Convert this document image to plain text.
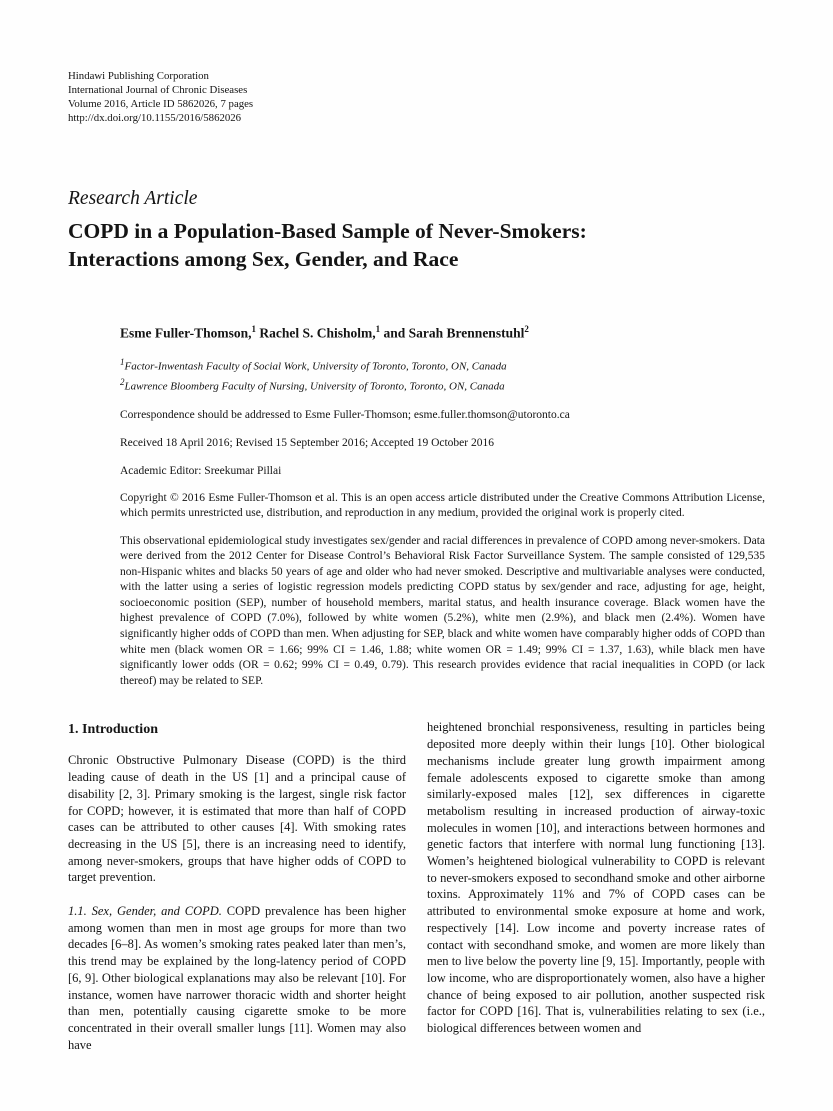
Hindawi Publishing Corporation
International Journal of Chronic Diseases
Volume 2016, Article ID 5862026, 7 pages
http://dx.doi.org/10.1155/2016/5862026
Research Article
COPD in a Population-Based Sample of Never-Smokers:
Interactions among Sex, Gender, and Race
Esme Fuller-Thomson,$^1$ Rachel S. Chisholm,$^1$ and Sarah Brennenstuhl$^2$
$^1$Factor-Inwentash Faculty of Social Work, University of Toronto, Toronto, ON, Canada
$^2$Lawrence Bloomberg Faculty of Nursing, University of Toronto, Toronto, ON, Canada
Correspondence should be addressed to Esme Fuller-Thomson; esme.fuller.thomson@utoronto.ca
Received 18 April 2016; Revised 15 September 2016; Accepted 19 October 2016
Academic Editor: Sreekumar Pillai

Copyright © 2016 Esme Fuller-Thomson et al. This is an open access article distributed under the Creative Commons Attribution License, which permits unrestricted use, distribution, and reproduction in any medium, provided the original work is properly cited.

This observational epidemiological study investigates sex/gender and racial differences in prevalence of COPD among never-smokers. Data were derived from the 2012 Center for Disease Control’s Behavioral Risk Factor Surveillance System. The sample consisted of 129,535 non-Hispanic whites and blacks 50 years of age and older who had never smoked. Descriptive and multivariable analyses were conducted, with the latter using a series of logistic regression models predicting COPD status by sex/gender and race, adjusting for age, height, socioeconomic position (SEP), number of household members, marital status, and health insurance coverage. Black women have the highest prevalence of COPD (7.0%), followed by white women (5.2%), white men (2.9%), and black men (2.4%). Women have significantly higher odds of COPD than men. When adjusting for SEP, black and white women have comparably higher odds of COPD than white men (black women OR = 1.66; 99% CI = 1.46, 1.88; white women OR = 1.49; 99% CI = 1.37, 1.63), while black men have significantly lower odds (OR = 0.62; 99% CI = 0.49, 0.79). This research provides evidence that racial inequalities in COPD (or lack thereof) may be related to SEP.

1. Introduction

Chronic Obstructive Pulmonary Disease (COPD) is the third leading cause of death in the US [1] and a principal cause of disability [2, 3]. Primary smoking is the largest, single risk factor for COPD; however, it is estimated that more than half of COPD cases can be attributed to other causes [4]. With smoking rates decreasing in the US [5], there is an increasing need to identify, among never-smokers, groups that have higher odds of COPD to target prevention.

1.1. Sex, Gender, and COPD. COPD prevalence has been higher among women than men in most age groups for more than two decades [6–8]. As women’s smoking rates peaked later than men’s, this trend may be explained by the long-latency period of COPD [6, 9]. Other biological explanations may also be relevant [10]. For instance, women have narrower thoracic width and shorter height than men, potentially causing cigarette smoke to be more concentrated in their overall smaller lungs [11]. Women may also have

heightened bronchial responsiveness, resulting in particles being deposited more deeply within their lungs [10]. Other biological mechanisms include greater lung growth impairment among female adolescents exposed to cigarette smoke than among similarly-exposed males [12], sex differences in cigarette metabolism resulting in increased production of airway-toxic molecules in women [10], and interactions between hormones and genetic factors that interfere with normal lung functioning [13]. Women’s heightened biological vulnerability to COPD is relevant to never-smokers exposed to secondhand smoke and other airborne toxins. Approximately 11% and 7% of COPD cases can be attributed to environmental smoke exposure at home and work, respectively [14]. Low income and poverty increase rates of contact with secondhand smoke, and women are more likely than men to live below the poverty line [9, 15]. Importantly, people with low income, who are disproportionately women, also have a higher chance of being exposed to air pollution, another suspected risk factor for COPD [16]. That is, vulnerabilities relating to sex (i.e., biological differences between women and
